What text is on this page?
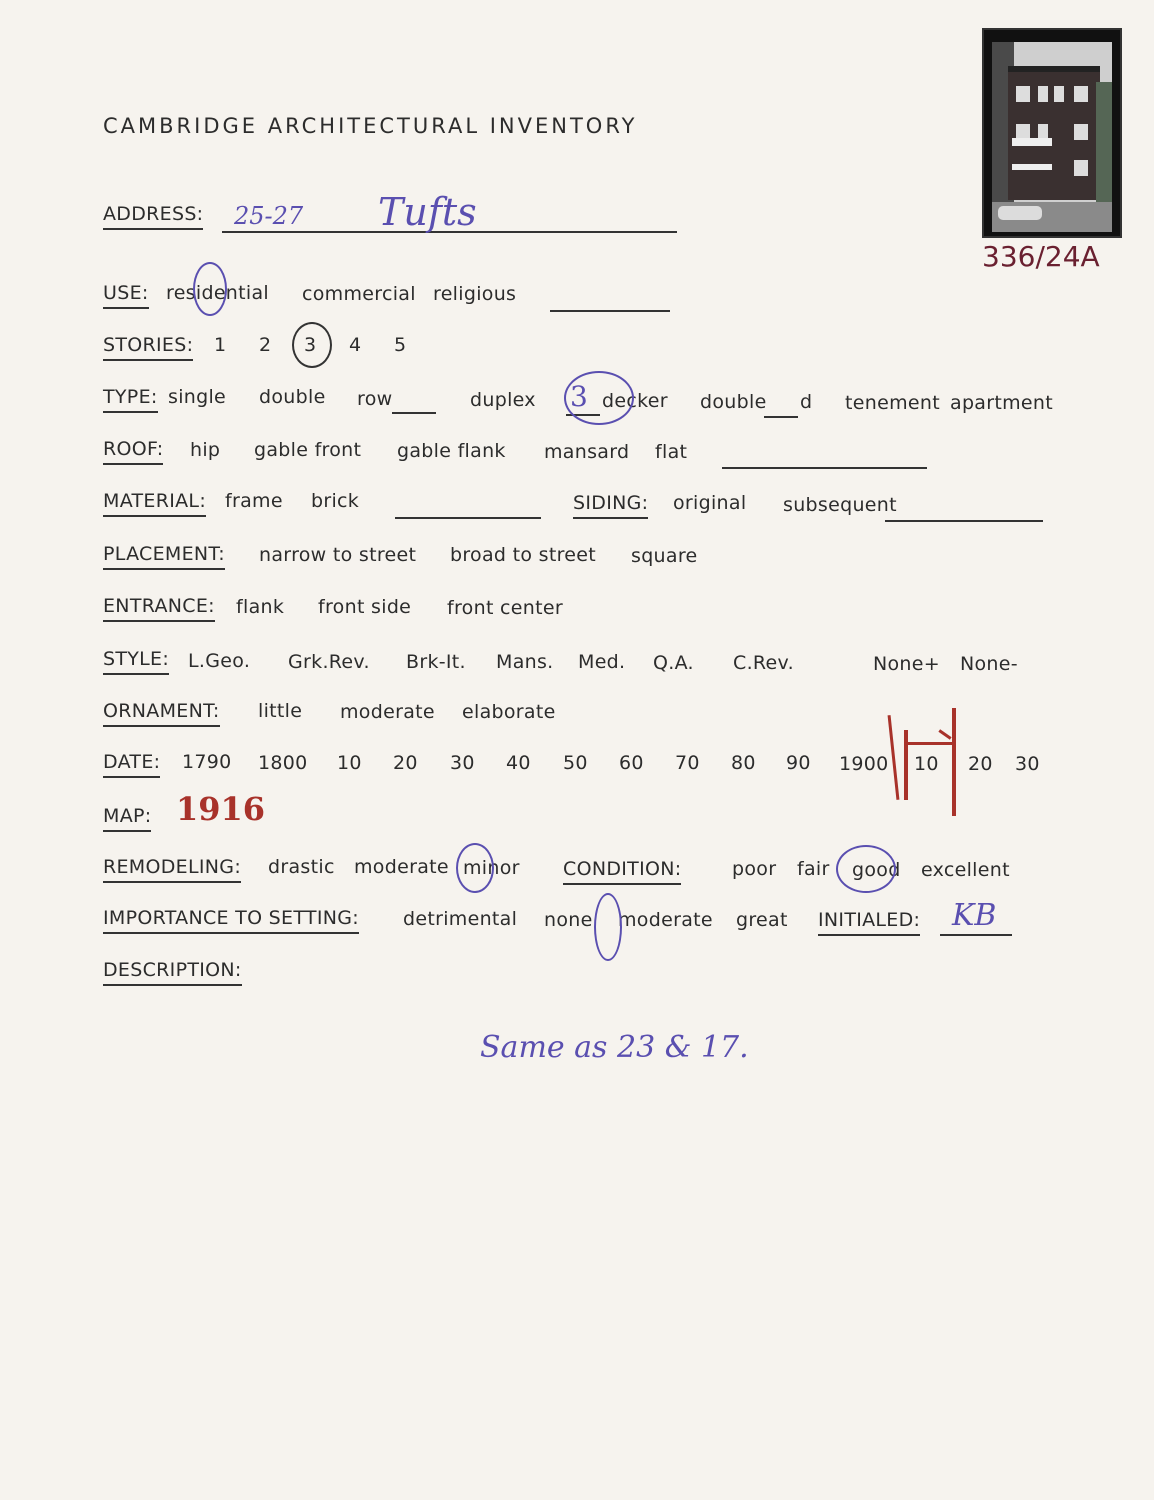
336/24A
CAMBRIDGE ARCHITECTURAL INVENTORY
ADDRESS: 25-27 Tufts
USE: residential commercial religious
STORIES: 1 2 3 4 5
TYPE: single double row	duplex 3 decker double d tenement apartment
ROOF: hip gable front gable flank mansard flat
MATERIAL: frame brick	SIDING: original subsequent
PLACEMENT: narrow to street broad to street square
ENTRANCE: flank front side front center
STYLE: L.Geo. Grk.Rev. Brk-It. Mans. Med. Q.A. C.Rev.	None+ None-
ORNAMENT: little moderate elaborate
DATE: 1790 1800 10 20 30 40 50 60 70 80 90 1900 10 20 30
MAP: 1916
REMODELING: drastic moderate minor CONDITION:	poor fair good excellent
IMPORTANCE TO SETTING: detrimental none moderate great INITIALED: KB
DESCRIPTION:
Same as 23 & 17.
